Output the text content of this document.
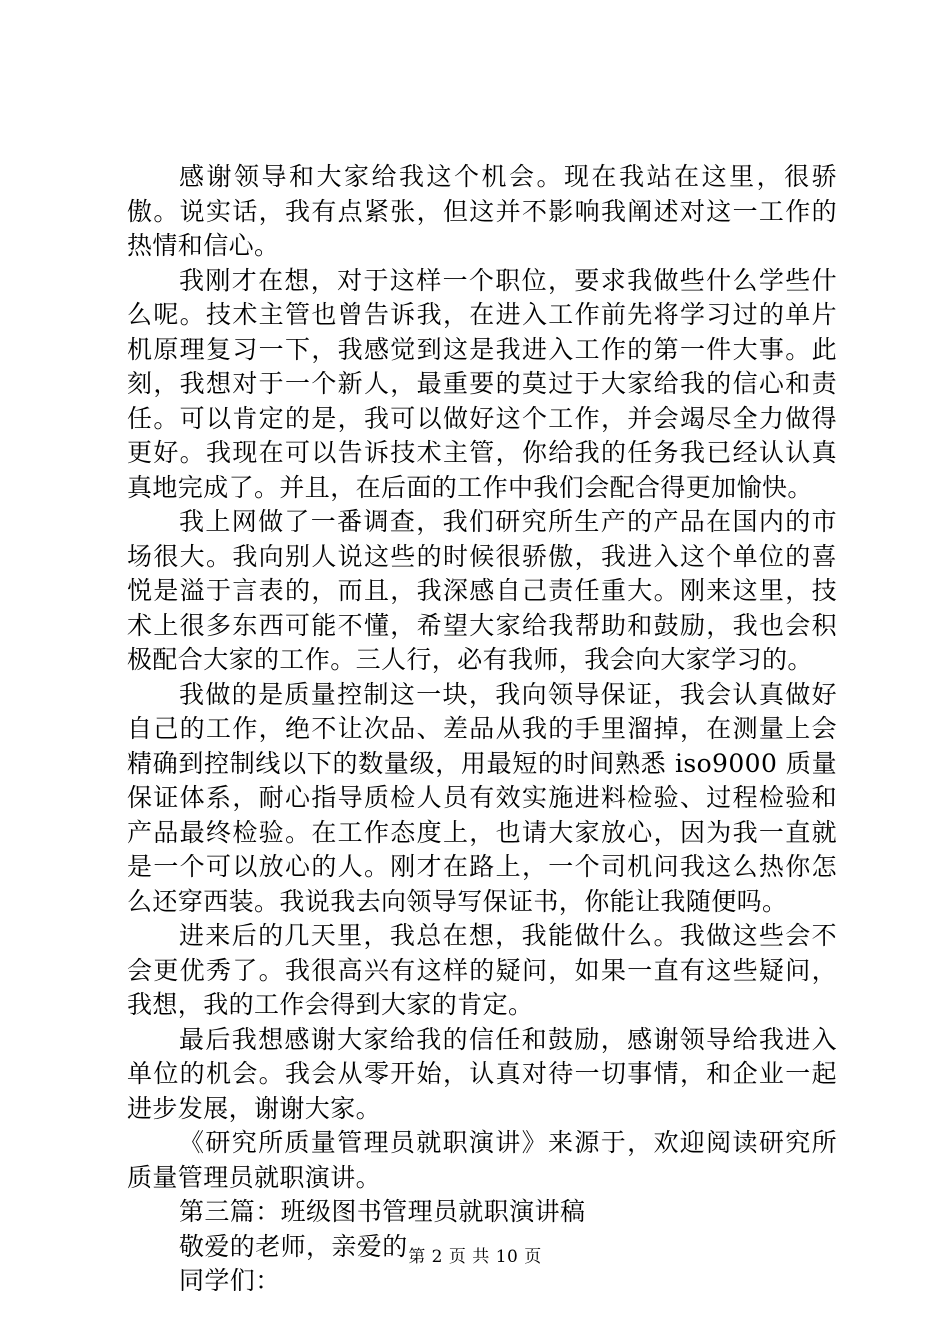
感谢领导和大家给我这个机会。现在我站在这里，很骄傲。说实话，我有点紧张，但这并不影响我阐述对这一工作的热情和信心。

我刚才在想，对于这样一个职位，要求我做些什么学些什么呢。技术主管也曾告诉我，在进入工作前先将学习过的单片机原理复习一下，我感觉到这是我进入工作的第一件大事。此刻，我想对于一个新人，最重要的莫过于大家给我的信心和责任。可以肯定的是，我可以做好这个工作，并会竭尽全力做得更好。我现在可以告诉技术主管，你给我的任务我已经认认真真地完成了。并且，在后面的工作中我们会配合得更加愉快。

我上网做了一番调查，我们研究所生产的产品在国内的市场很大。我向别人说这些的时候很骄傲，我进入这个单位的喜悦是溢于言表的，而且，我深感自己责任重大。刚来这里，技术上很多东西可能不懂，希望大家给我帮助和鼓励，我也会积极配合大家的工作。三人行，必有我师，我会向大家学习的。

我做的是质量控制这一块，我向领导保证，我会认真做好自己的工作，绝不让次品、差品从我的手里溜掉，在测量上会精确到控制线以下的数量级，用最短的时间熟悉 iso9000 质量保证体系，耐心指导质检人员有效实施进料检验、过程检验和产品最终检验。在工作态度上，也请大家放心，因为我一直就是一个可以放心的人。刚才在路上，一个司机问我这么热你怎么还穿西装。我说我去向领导写保证书，你能让我随便吗。

进来后的几天里，我总在想，我能做什么。我做这些会不会更优秀了。我很高兴有这样的疑问，如果一直有这些疑问，我想，我的工作会得到大家的肯定。

最后我想感谢大家给我的信任和鼓励，感谢领导给我进入单位的机会。我会从零开始，认真对待一切事情，和企业一起进步发展，谢谢大家。

《研究所质量管理员就职演讲》来源于，欢迎阅读研究所质量管理员就职演讲。

第三篇：班级图书管理员就职演讲稿

敬爱的老师，亲爱的

同学们：

第 2 页 共 10 页
